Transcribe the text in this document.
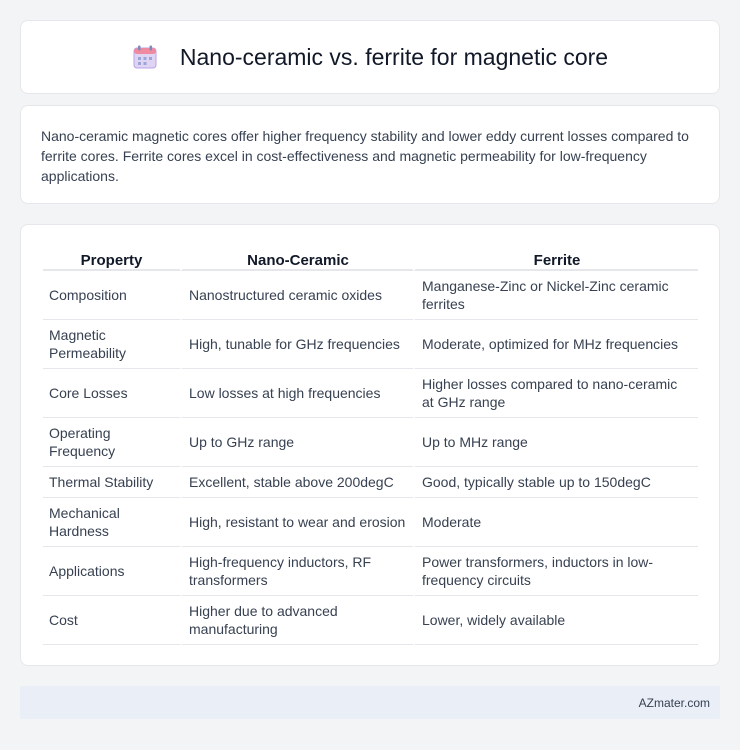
Nano-ceramic vs. ferrite for magnetic core

Nano-ceramic magnetic cores offer higher frequency stability and lower eddy current losses compared to ferrite cores. Ferrite cores excel in cost-effectiveness and magnetic permeability for low-frequency applications.

Property	Nano-Ceramic	Ferrite
Composition	Nanostructured ceramic oxides	Manganese-Zinc or Nickel-Zinc ceramic ferrites
Magnetic Permeability	High, tunable for GHz frequencies	Moderate, optimized for MHz frequencies
Core Losses	Low losses at high frequencies	Higher losses compared to nano-ceramic at GHz range
Operating Frequency	Up to GHz range	Up to MHz range
Thermal Stability	Excellent, stable above 200degC	Good, typically stable up to 150degC
Mechanical Hardness	High, resistant to wear and erosion	Moderate
Applications	High-frequency inductors, RF transformers	Power transformers, inductors in low-frequency circuits
Cost	Higher due to advanced manufacturing	Lower, widely available
AZmater.com
